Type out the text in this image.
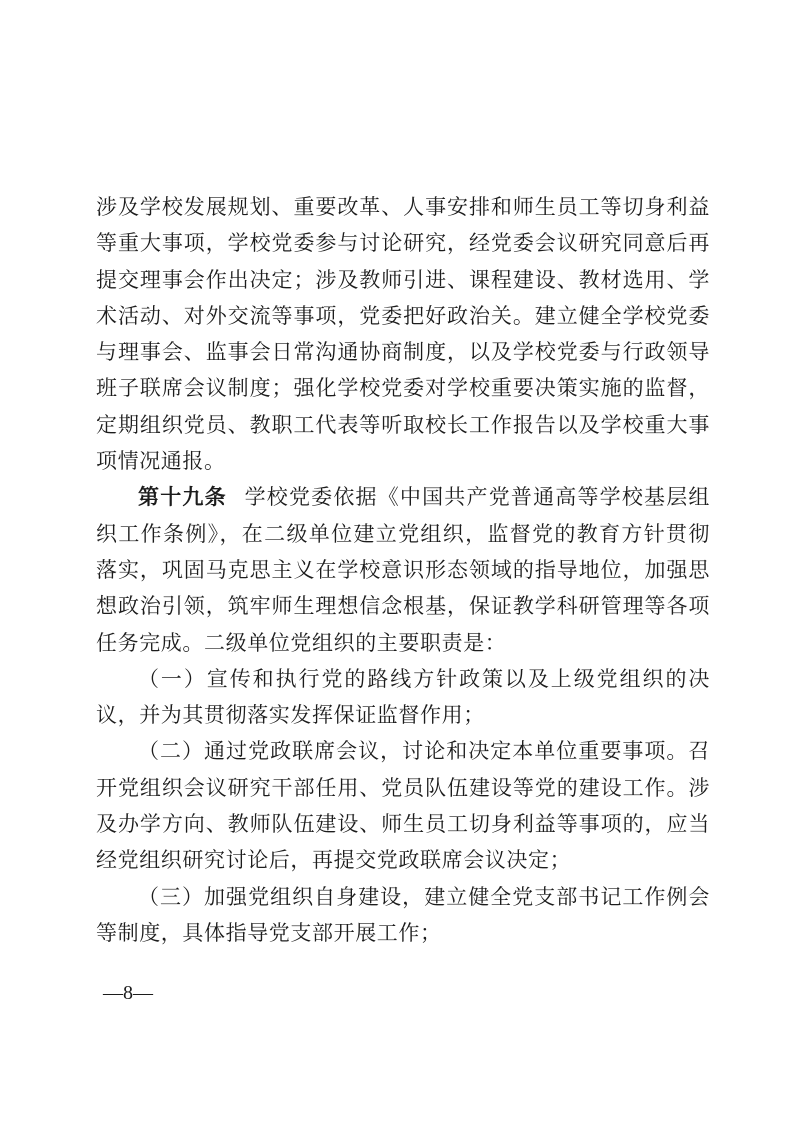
涉及学校发展规划、重要改革、人事安排和师生员工等切身利益等重大事项，学校党委参与讨论研究，经党委会议研究同意后再提交理事会作出决定；涉及教师引进、课程建设、教材选用、学术活动、对外交流等事项，党委把好政治关。建立健全学校党委与理事会、监事会日常沟通协商制度，以及学校党委与行政领导班子联席会议制度；强化学校党委对学校重要决策实施的监督，定期组织党员、教职工代表等听取校长工作报告以及学校重大事项情况通报。

第十九条 学校党委依据《中国共产党普通高等学校基层组织工作条例》，在二级单位建立党组织，监督党的教育方针贯彻落实，巩固马克思主义在学校意识形态领域的指导地位，加强思想政治引领，筑牢师生理想信念根基，保证教学科研管理等各项任务完成。二级单位党组织的主要职责是：

（一）宣传和执行党的路线方针政策以及上级党组织的决议，并为其贯彻落实发挥保证监督作用；

（二）通过党政联席会议，讨论和决定本单位重要事项。召开党组织会议研究干部任用、党员队伍建设等党的建设工作。涉及办学方向、教师队伍建设、师生员工切身利益等事项的，应当经党组织研究讨论后，再提交党政联席会议决定；

（三）加强党组织自身建设，建立健全党支部书记工作例会等制度，具体指导党支部开展工作；

—8—
